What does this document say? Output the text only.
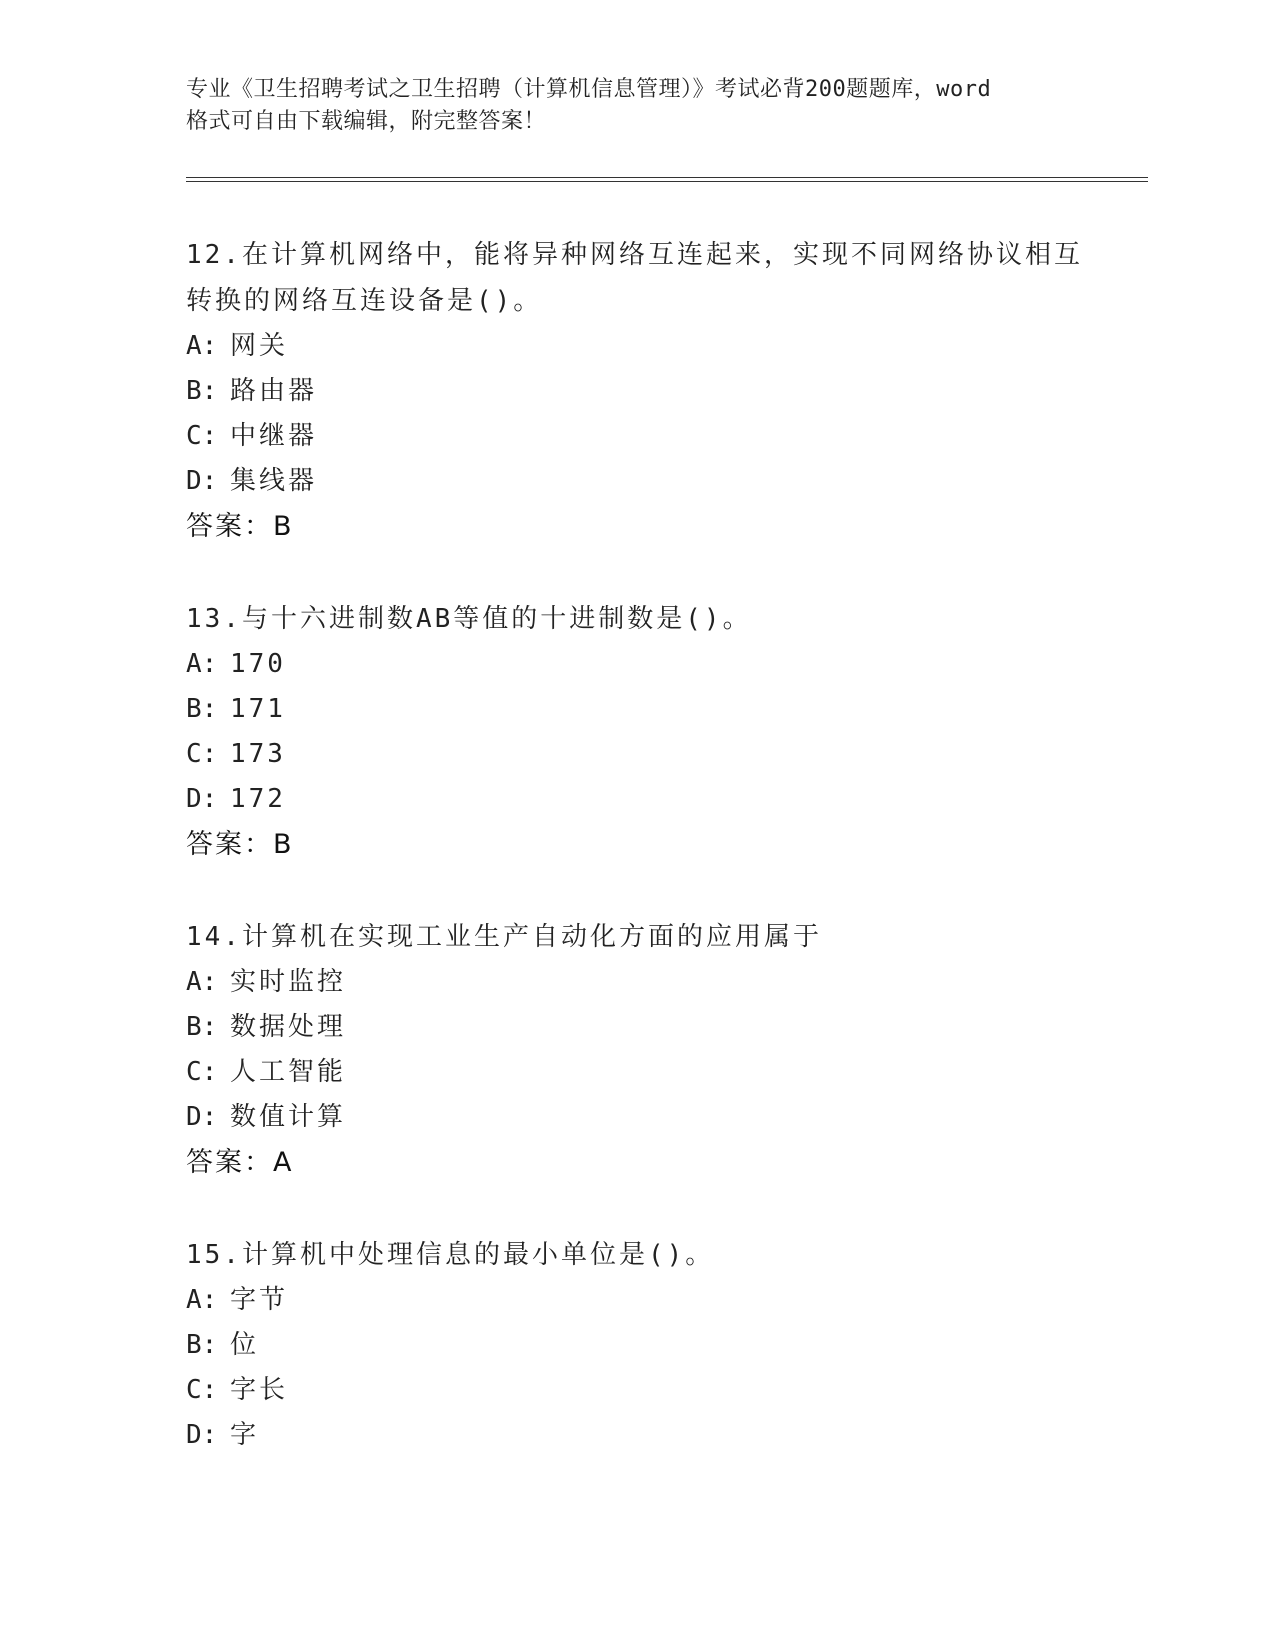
专业《卫生招聘考试之卫生招聘（计算机信息管理）》考试必背200题题库，word
格式可自由下载编辑，附完整答案！

12.在计算机网络中，能将异种网络互连起来，实现不同网络协议相互

转换的网络互连设备是()。

A: 网关

B: 路由器

C: 中继器

D: 集线器

答案：B

13.与十六进制数AB等值的十进制数是()。

A: 170

B: 171

C: 173

D: 172

答案：B

14.计算机在实现工业生产自动化方面的应用属于

A: 实时监控

B: 数据处理

C: 人工智能

D: 数值计算

答案：A

15.计算机中处理信息的最小单位是()。

A: 字节

B: 位

C: 字长

D: 字
